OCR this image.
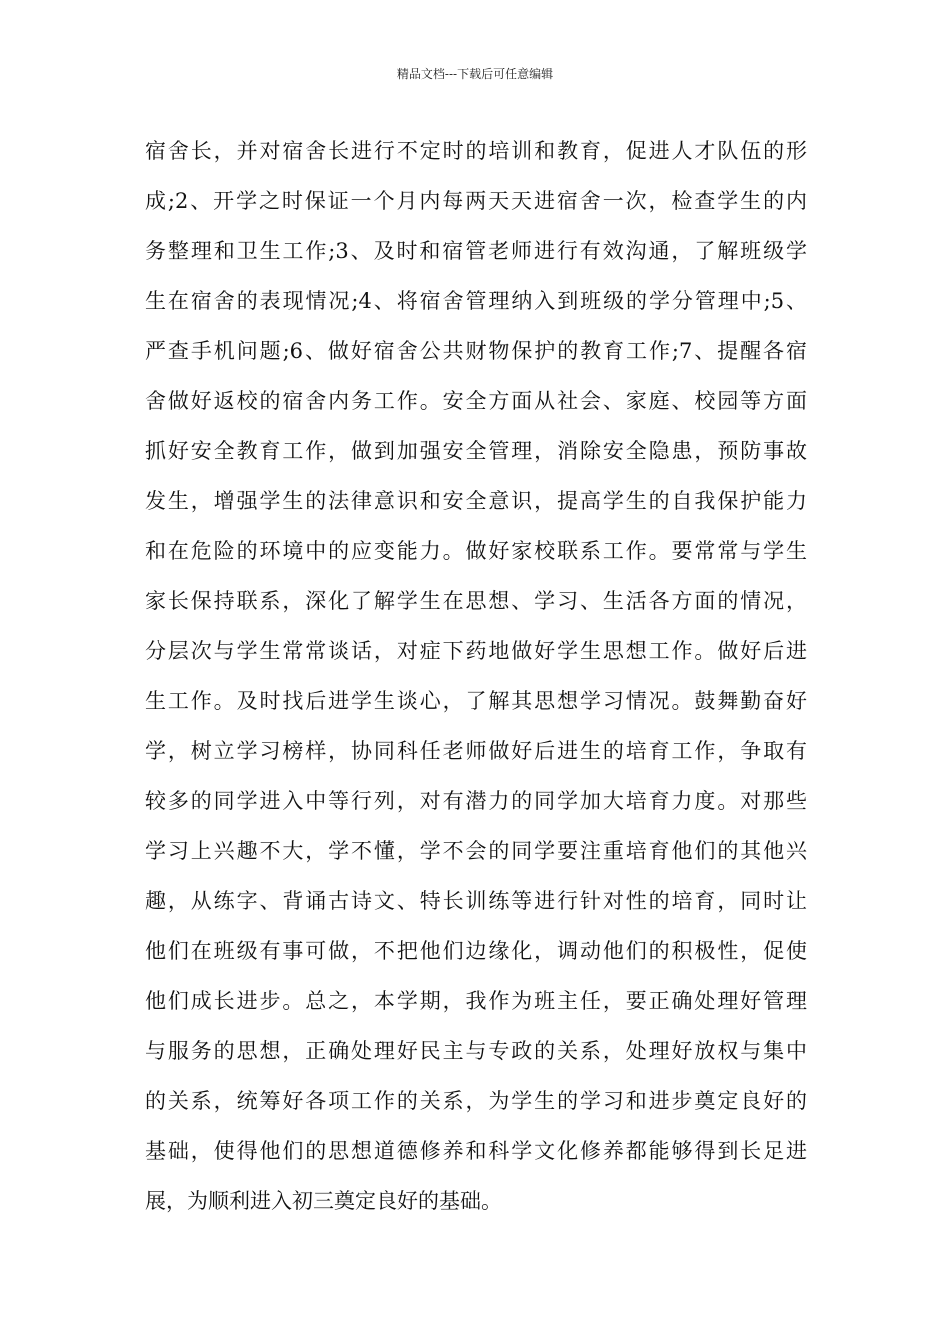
精品文档---下载后可任意编辑
宿舍长，并对宿舍长进行不定时的培训和教育，促进人才队伍的形
成;2、开学之时保证一个月内每两天天进宿舍一次，检查学生的内
务整理和卫生工作;3、及时和宿管老师进行有效沟通，了解班级学
生在宿舍的表现情况;4、将宿舍管理纳入到班级的学分管理中;5、
严查手机问题;6、做好宿舍公共财物保护的教育工作;7、提醒各宿
舍做好返校的宿舍内务工作。安全方面从社会、家庭、校园等方面
抓好安全教育工作，做到加强安全管理，消除安全隐患，预防事故
发生，增强学生的法律意识和安全意识，提高学生的自我保护能力
和在危险的环境中的应变能力。做好家校联系工作。要常常与学生
家长保持联系，深化了解学生在思想、学习、生活各方面的情况，
分层次与学生常常谈话，对症下药地做好学生思想工作。做好后进
生工作。及时找后进学生谈心，了解其思想学习情况。鼓舞勤奋好
学，树立学习榜样，协同科任老师做好后进生的培育工作，争取有
较多的同学进入中等行列，对有潜力的同学加大培育力度。对那些
学习上兴趣不大，学不懂，学不会的同学要注重培育他们的其他兴
趣，从练字、背诵古诗文、特长训练等进行针对性的培育，同时让
他们在班级有事可做，不把他们边缘化，调动他们的积极性，促使
他们成长进步。总之，本学期，我作为班主任，要正确处理好管理
与服务的思想，正确处理好民主与专政的关系，处理好放权与集中
的关系，统筹好各项工作的关系，为学生的学习和进步奠定良好的
基础，使得他们的思想道德修养和科学文化修养都能够得到长足进
展，为顺利进入初三奠定良好的基础。
